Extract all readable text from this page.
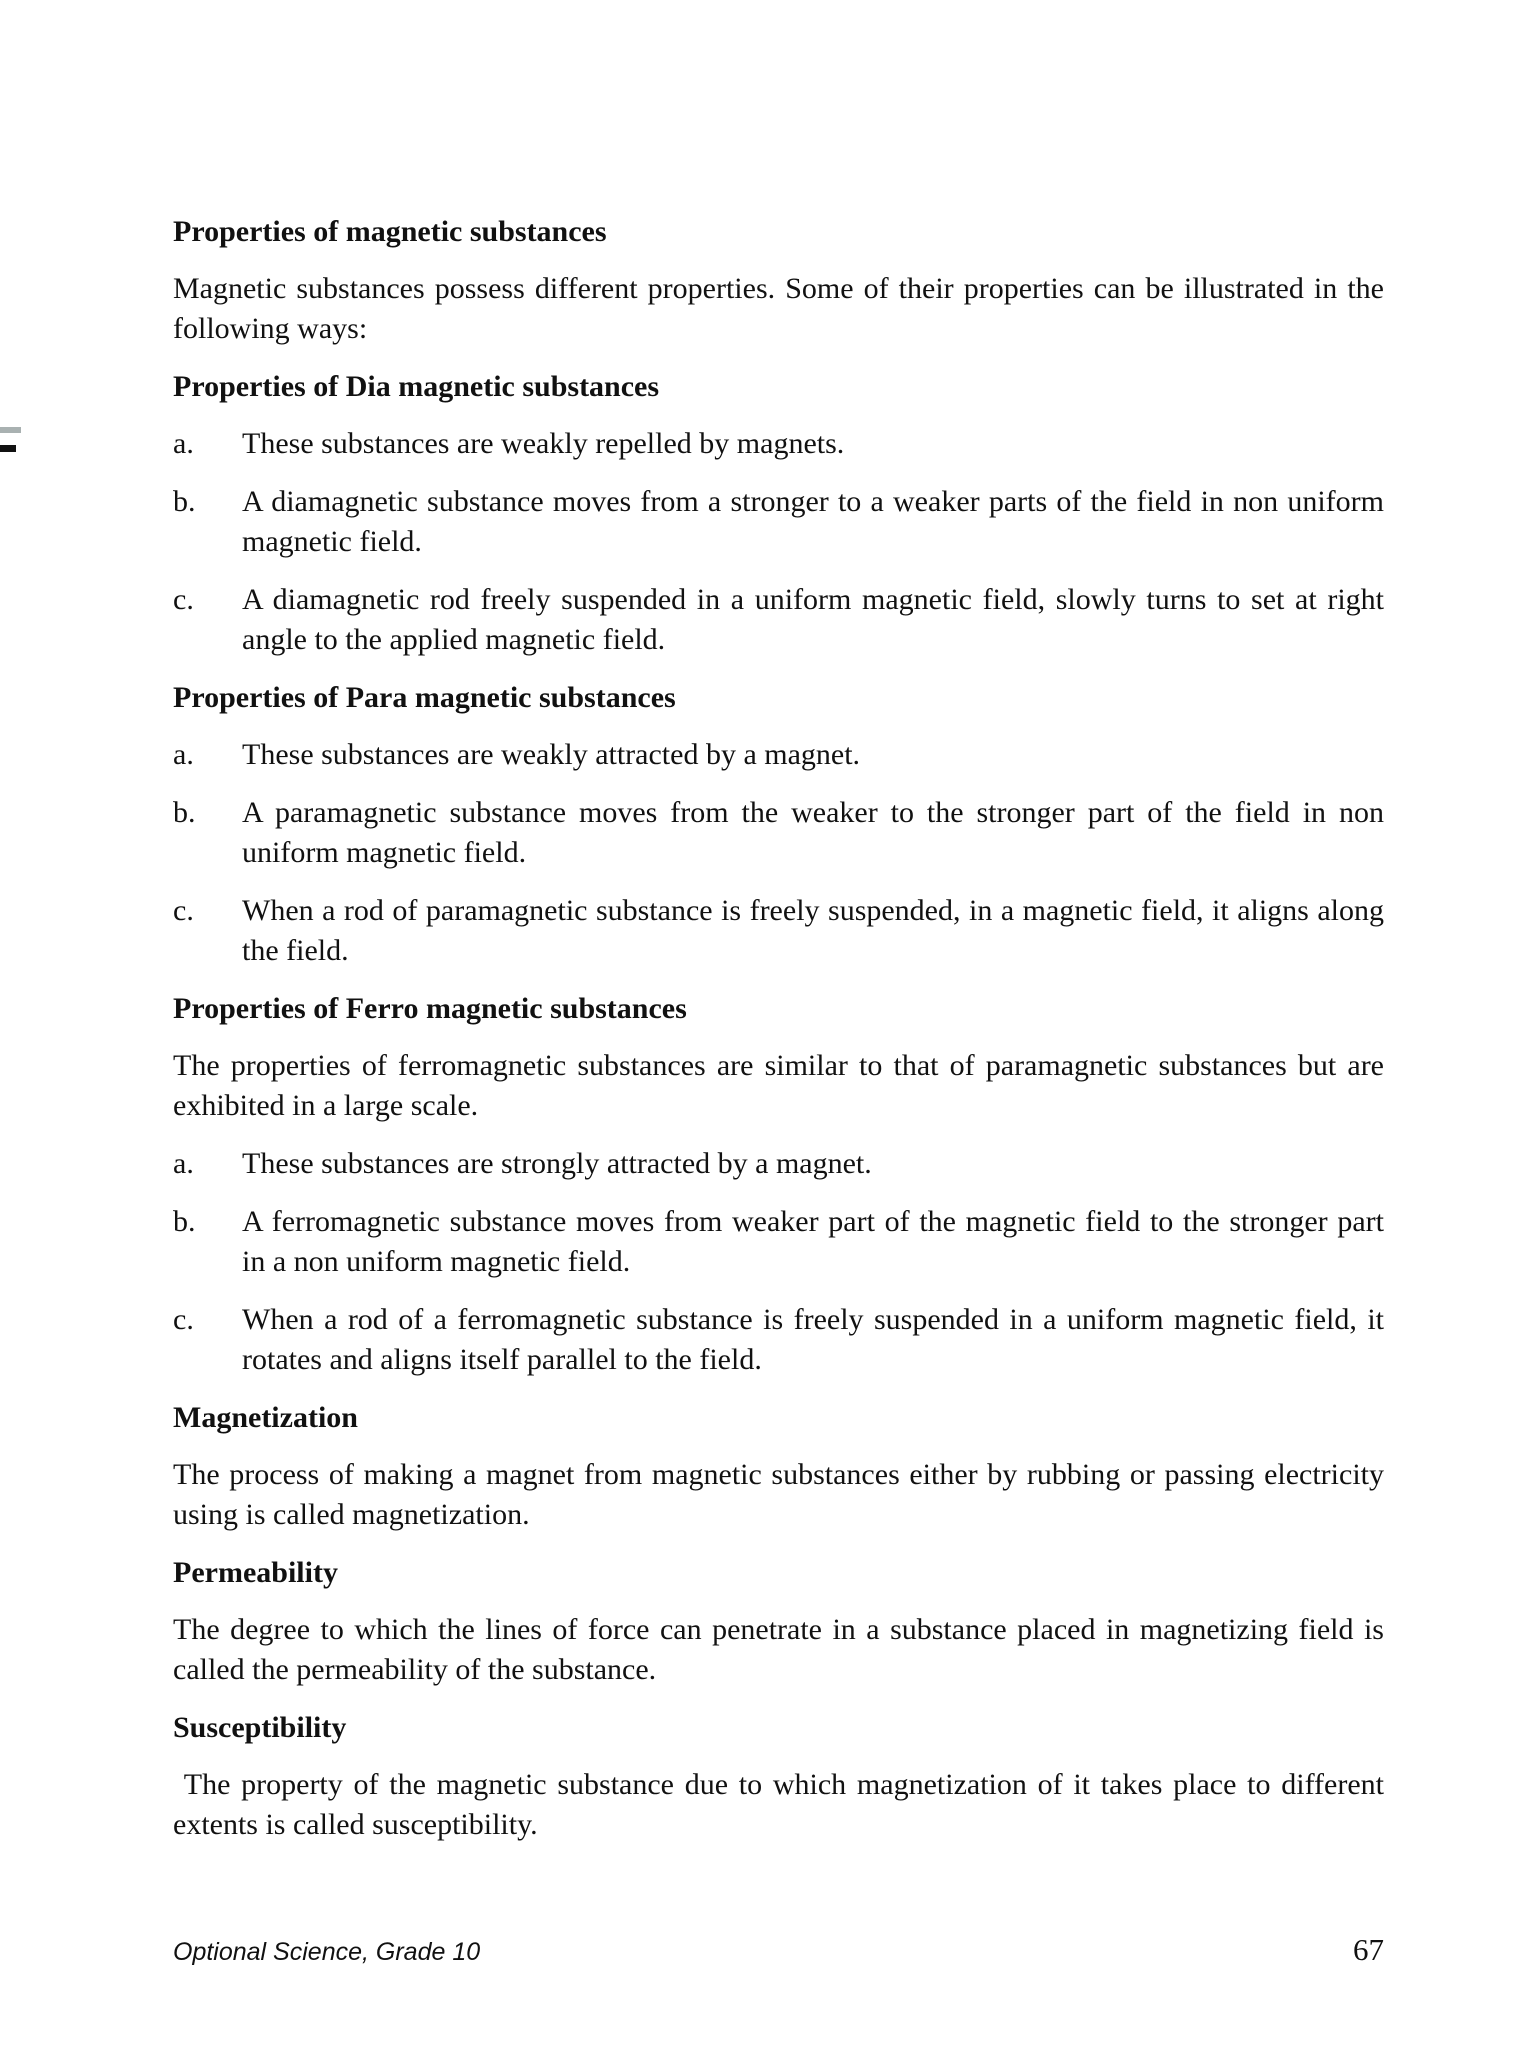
Properties of magnetic substances

Magnetic substances possess different properties. Some of their properties can be illustrated in the following ways:

Properties of Dia magnetic substances
a.	These substances are weakly repelled by magnets.
b.	A diamagnetic substance moves from a stronger to a weaker parts of the field in non uniform magnetic field.
c.	A diamagnetic rod freely suspended in a uniform magnetic field, slowly turns to set at right angle to the applied magnetic field.
Properties of Para magnetic substances
a.	These substances are weakly attracted by a magnet.
b.	A paramagnetic substance moves from the weaker to the stronger part of the field in non uniform magnetic field.
c.	When a rod of paramagnetic substance is freely suspended, in a magnetic field, it aligns along the field.
Properties of Ferro magnetic substances

The properties of ferromagnetic substances are similar to that of paramagnetic substances but are exhibited in a large scale.

a.	These substances are strongly attracted by a magnet.
b.	A ferromagnetic substance moves from weaker part of the magnetic field to the stronger part in a non uniform magnetic field.
c.	When a rod of a ferromagnetic substance is freely suspended in a uniform magnetic field, it rotates and aligns itself parallel to the field.
Magnetization

The process of making a magnet from magnetic substances either by rubbing or passing electricity using is called magnetization.

Permeability

The degree to which the lines of force can penetrate in a substance placed in magnetizing field is called the permeability of the substance.

Susceptibility

The property of the magnetic substance due to which magnetization of it takes place to different extents is called susceptibility.

Optional Science, Grade 10	67
